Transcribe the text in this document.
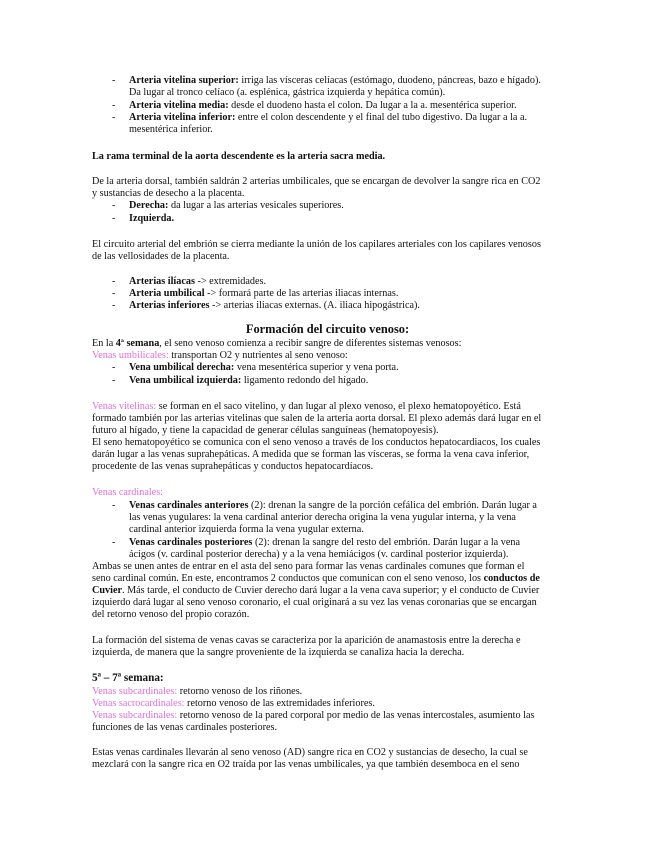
- Arteria vitelina superior: irriga las vísceras celíacas (estómago, duodeno, páncreas, bazo e hígado).
Da lugar al tronco celíaco (a. esplénica, gástrica izquierda y hepática común).
- Arteria vitelina media: desde el duodeno hasta el colon. Da lugar a la a. mesentérica superior.
- Arteria vitelina inferior: entre el colon descendente y el final del tubo digestivo. Da lugar a la a.
mesentérica inferior.
La rama terminal de la aorta descendente es la arteria sacra media.
De la arteria dorsal, también saldrán 2 arterias umbilicales, que se encargan de devolver la sangre rica en CO2
y sustancias de desecho a la placenta.
- Derecha: da lugar a las arterias vesicales superiores.
- Izquierda.
El circuito arterial del embrión se cierra mediante la unión de los capilares arteriales con los capilares venosos
de las vellosidades de la placenta.
- Arterias ilíacas -> extremidades.
- Arteria umbilical -> formará parte de las arterias iliacas internas.
- Arterias inferiores -> arterias iliacas externas. (A. iliaca hipogástrica).
Formación del circuito venoso:
En la 4ª semana, el seno venoso comienza a recibir sangre de diferentes sistemas venosos:
Venas umbilicales: transportan O2 y nutrientes al seno venoso:
- Vena umbilical derecha: vena mesentérica superior y vena porta.
- Vena umbilical izquierda: ligamento redondo del hígado.
Venas vitelinas: se forman en el saco vitelino, y dan lugar al plexo venoso, el plexo hematopoyético. Está
formado también por las arterias vitelinas que salen de la arteria aorta dorsal. El plexo además dará lugar en el
futuro al hígado, y tiene la capacidad de generar células sanguíneas (hematopoyesis).
El seno hematopoyético se comunica con el seno venoso a través de los conductos hepatocardiacos, los cuales
darán lugar a las venas suprahepáticas. A medida que se forman las vísceras, se forma la vena cava inferior,
procedente de las venas suprahepáticas y conductos hepatocardíacos.
Venas cardinales:
- Venas cardinales anteriores (2): drenan la sangre de la porción cefálica del embrión. Darán lugar a
las venas yugulares: la vena cardinal anterior derecha origina la vena yugular interna, y la vena
cardinal anterior izquierda forma la vena yugular externa.
- Venas cardinales posteriores (2): drenan la sangre del resto del embrión. Darán lugar a la vena
ácigos (v. cardinal posterior derecha) y a la vena hemiácigos (v. cardinal posterior izquierda).
Ambas se unen antes de entrar en el asta del seno para formar las venas cardinales comunes que forman el
seno cardinal común. En este, encontramos 2 conductos que comunican con el seno venoso, los conductos de
Cuvier. Más tarde, el conducto de Cuvier derecho dará lugar a la vena cava superior; y el conducto de Cuvier
izquierdo dará lugar al seno venoso coronario, el cual originará a su vez las venas coronarias que se encargan
del retorno venoso del propio corazón.
La formación del sistema de venas cavas se caracteriza por la aparición de anamastosis entre la derecha e
izquierda, de manera que la sangre proveniente de la izquierda se canaliza hacia la derecha.
5ª – 7ª semana:
Venas subcardinales: retorno venoso de los riñones.
Venas sacrocardinales: retorno venoso de las extremidades inferiores.
Venas subcardinales: retorno venoso de la pared corporal por medio de las venas intercostales, asumiento las
funciones de las venas cardinales posteriores.
Estas venas cardinales llevarán al seno venoso (AD) sangre rica en CO2 y sustancias de desecho, la cual se
mezclará con la sangre rica en O2 traída por las venas umbilicales, ya que también desemboca en el seno
